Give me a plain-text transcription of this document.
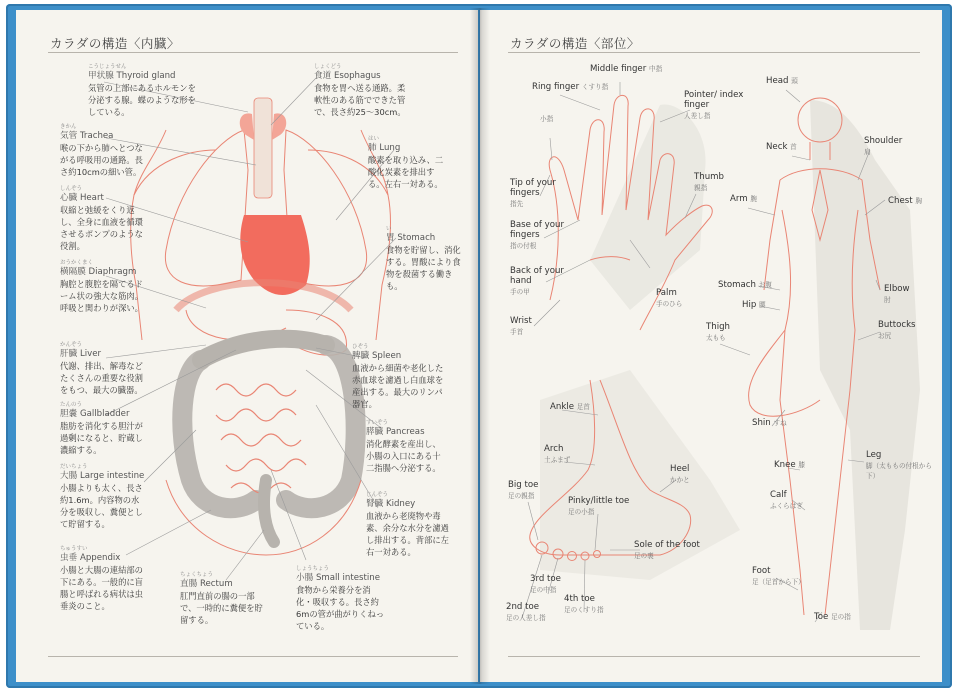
カラダの構造〈内臓〉
こうじょうせん
甲状腺 Thyroid gland
気管の上部にあるホルモンを分泌する腺。蝶のような形をしている。
きかん
気管 Trachea
喉の下から肺へとつながる呼吸用の通路。長さ約10cmの細い管。
しんぞう
心臓 Heart
収縮と弛緩をくり返し、全身に血液を循環させるポンプのような役割。
おうかくまく
横隔膜 Diaphragm
胸腔と腹腔を隔てるドーム状の強大な筋肉。呼吸と関わりが深い。
かんぞう
肝臓 Liver
代謝、排出、解毒などたくさんの重要な役割をもつ、最大の臓器。
たんのう
胆嚢 Gallbladder
脂肪を消化する胆汁が過剰になると、貯蔵し濃縮する。
だいちょう
大腸 Large intestine
小腸よりも太く、長さ約1.6m。内容物の水分を吸収し、糞便として貯留する。
ちゅうすい
虫垂 Appendix
小腸と大腸の連結部の下にある。一般的に盲腸と呼ばれる病状は虫垂炎のこと。
しょくどう
食道 Esophagus
食物を胃へ送る通路。柔軟性のある筋でできた管で、長さ約25～30cm。
はい
肺 Lung
酸素を取り込み、二酸化炭素を排出する。左右一対ある。
い
胃 Stomach
食物を貯留し、消化する。胃酸により食物を殺菌する働きも。
ひぞう
脾臓 Spleen
血液から細菌や老化した赤血球を濾過し白血球を産出する。最大のリンパ器官。
すいぞう
膵臓 Pancreas
消化酵素を産出し、小腸の入口にある十二指腸へ分泌する。
じんぞう
腎臓 Kidney
血液から老廃物や毒素、余分な水分を濾過し排出する。背部に左右一対ある。
ちょくちょう
直腸 Rectum
肛門直前の腸の一部で、一時的に糞便を貯留する。
しょうちょう
小腸 Small intestine
食物から栄養分を消化・吸収する。長さ約6mの管が曲がりくねっている。
カラダの構造〈部位〉
Middle finger 中指
Ring finger くすり指
Pointer/ index finger
人差し指
小指
Tip of your fingers
指先
Base of your fingers
指の付根
Back of your hand
手の甲
Thumb
親指
Palm
手のひら
Wrist
手首
Ankle 足首
Arch
土ふまず
Heel
かかと
Big toe
足の親指	Pinky/little toe
足の小指
Sole of the foot
足の裏
3rd toe
足の中指
4th toe
足のくすり指
2nd toe
足の人差し指
Head 頭
Neck 首
Shoulder
肩
Chest 胸
Arm 腕
Elbow
肘
Stomach お腹
Hip 腰
Buttocks
お尻
Thigh
太もも
Shin すね
Knee 膝
Leg
脚（太ももの付根から下）
Calf
ふくらはぎ
Foot
足（足首から下）
Toe 足の指
